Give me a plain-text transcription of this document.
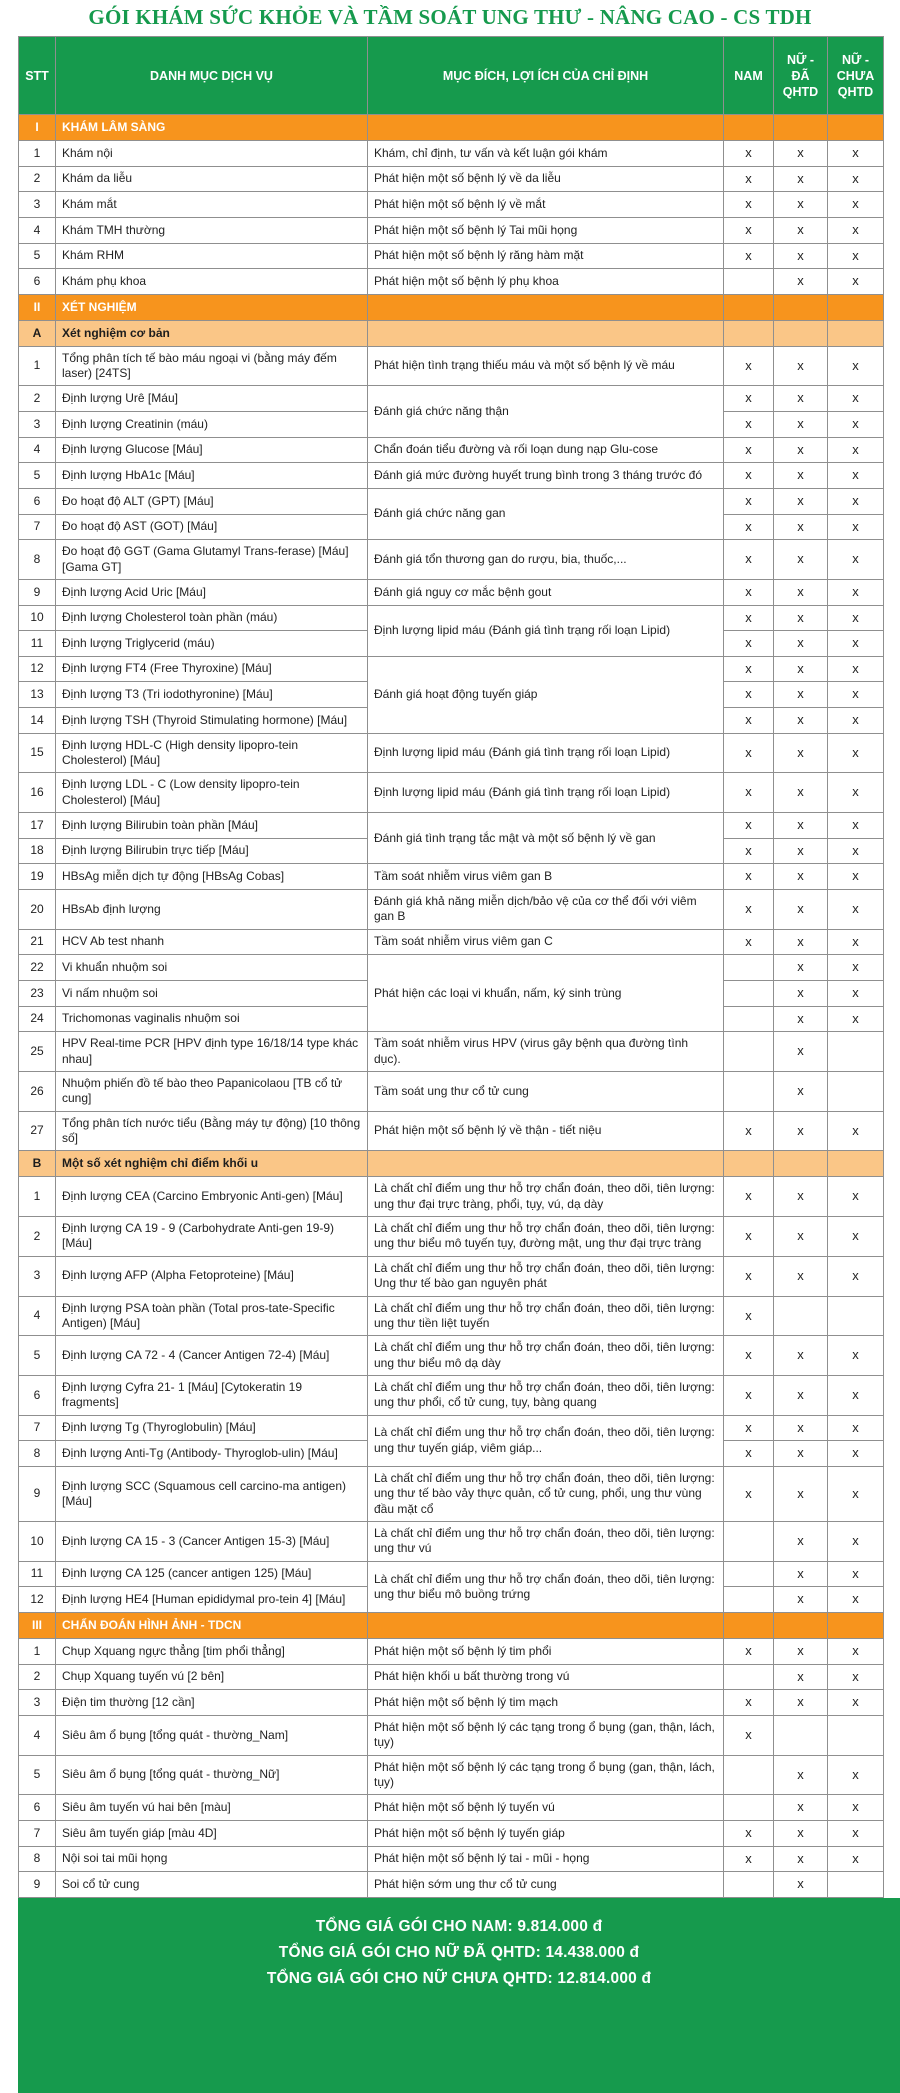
GÓI KHÁM SỨC KHỎE VÀ TẦM SOÁT UNG THƯ - NÂNG CAO - CS TDH
STT	DANH MỤC DỊCH VỤ	MỤC ĐÍCH, LỢI ÍCH CỦA CHỈ ĐỊNH	NAM	NỮ - ĐÃ QHTD	NỮ - CHƯA QHTD
I	KHÁM LÂM SÀNG				
1	Khám nội	Khám, chỉ định, tư vấn và kết luận gói khám	x	x	x
2	Khám da liễu	Phát hiện một số bệnh lý về da liễu	x	x	x
3	Khám mắt	Phát hiện một số bệnh lý về mắt	x	x	x
4	Khám TMH thường	Phát hiện một số bệnh lý Tai mũi họng	x	x	x
5	Khám RHM	Phát hiện một số bệnh lý răng hàm mặt	x	x	x
6	Khám phụ khoa	Phát hiện một số bệnh lý phụ khoa		x	x
II	XÉT NGHIỆM				
A	Xét nghiệm cơ bản				
1	Tổng phân tích tế bào máu ngoại vi (bằng máy đếm laser) [24TS]	Phát hiện tình trạng thiếu máu và một số bệnh lý về máu	x	x	x
2	Định lượng Urê [Máu]	Đánh giá chức năng thận	x	x	x
3	Định lượng Creatinin (máu)		x	x	x
4	Định lượng Glucose [Máu]	Chẩn đoán tiểu đường và rối loạn dung nạp Glu-cose	x	x	x
5	Định lượng HbA1c [Máu]	Đánh giá mức đường huyết trung bình trong 3 tháng trước đó	x	x	x
6	Đo hoạt độ ALT (GPT) [Máu]	Đánh giá chức năng gan	x	x	x
7	Đo hoạt độ AST (GOT) [Máu]		x	x	x
8	Đo hoạt độ GGT (Gama Glutamyl Trans-ferase) [Máu] [Gama GT]	Đánh giá tổn thương gan do rượu, bia, thuốc,...	x	x	x
9	Định lượng Acid Uric [Máu]	Đánh giá nguy cơ mắc bệnh gout	x	x	x
10	Định lượng Cholesterol toàn phần (máu)	Định lượng lipid máu (Đánh giá tình trạng rối loạn Lipid)	x	x	x
11	Định lượng Triglycerid (máu)		x	x	x
12	Định lượng FT4 (Free Thyroxine) [Máu]	Đánh giá hoạt động tuyến giáp	x	x	x
13	Định lượng T3 (Tri iodothyronine) [Máu]		x	x	x
14	Định lượng TSH (Thyroid Stimulating hormone) [Máu]		x	x	x
15	Định lượng HDL-C (High density lipopro-tein Cholesterol) [Máu]	Định lượng lipid máu (Đánh giá tình trạng rối loạn Lipid)	x	x	x
16	Định lượng LDL - C (Low density lipopro-tein Cholesterol) [Máu]	Định lượng lipid máu (Đánh giá tình trạng rối loạn Lipid)	x	x	x
17	Định lượng Bilirubin toàn phần [Máu]	Đánh giá tình trạng tắc mật và một số bệnh lý về gan	x	x	x
18	Định lượng Bilirubin trực tiếp [Máu]		x	x	x
19	HBsAg miễn dịch tự động [HBsAg Cobas]	Tầm soát nhiễm virus viêm gan B	x	x	x
20	HBsAb định lượng	Đánh giá khả năng miễn dịch/bảo vệ của cơ thể đối với viêm gan B	x	x	x
21	HCV Ab test nhanh	Tầm soát nhiễm virus viêm gan C	x	x	x
22	Vi khuẩn nhuộm soi	Phát hiện các loại vi khuẩn, nấm, ký sinh trùng		x	x
23	Vi nấm nhuộm soi			x	x
24	Trichomonas vaginalis nhuộm soi			x	x
25	HPV Real-time PCR [HPV định type 16/18/14 type khác nhau]	Tầm soát nhiễm virus HPV (virus gây bệnh qua đường tình dục).		x	
26	Nhuộm phiến đồ tế bào theo Papanicolaou [TB cổ tử cung]	Tầm soát ung thư cổ tử cung		x	
27	Tổng phân tích nước tiểu (Bằng máy tự động) [10 thông số]	Phát hiện một số bệnh lý về thận - tiết niệu	x	x	x
B	Một số xét nghiệm chỉ điểm khối u				
1	Định lượng CEA (Carcino Embryonic Anti-gen) [Máu]	Là chất chỉ điểm ung thư hỗ trợ chẩn đoán, theo dõi, tiên lượng: ung thư đại trực tràng, phổi, tụy, vú, dạ dày	x	x	x
2	Định lượng CA 19 - 9 (Carbohydrate Anti-gen 19-9) [Máu]	Là chất chỉ điểm ung thư hỗ trợ chẩn đoán, theo dõi, tiên lượng: ung thư biểu mô tuyến tụy, đường mật, ung thư đại trực tràng	x	x	x
3	Định lượng AFP (Alpha Fetoproteine) [Máu]	Là chất chỉ điểm ung thư hỗ trợ chẩn đoán, theo dõi, tiên lượng: Ung thư tế bào gan nguyên phát	x	x	x
4	Định lượng PSA toàn phần (Total pros-tate-Specific Antigen) [Máu]	Là chất chỉ điểm ung thư hỗ trợ chẩn đoán, theo dõi, tiên lượng: ung thư tiền liệt tuyến	x		
5	Định lượng CA 72 - 4 (Cancer Antigen 72-4) [Máu]	Là chất chỉ điểm ung thư hỗ trợ chẩn đoán, theo dõi, tiên lượng: ung thư biểu mô dạ dày	x	x	x
6	Định lượng Cyfra 21- 1 [Máu] [Cytokeratin 19 fragments]	Là chất chỉ điểm ung thư hỗ trợ chẩn đoán, theo dõi, tiên lượng: ung thư phổi, cổ tử cung, tụy, bàng quang	x	x	x
7	Định lượng Tg (Thyroglobulin) [Máu]	Là chất chỉ điểm ung thư hỗ trợ chẩn đoán, theo dõi, tiên lượng: ung thư tuyến giáp, viêm giáp...	x	x	x
8	Định lượng Anti-Tg (Antibody- Thyroglob-ulin) [Máu]		x	x	x
9	Định lượng SCC (Squamous cell carcino-ma antigen) [Máu]	Là chất chỉ điểm ung thư hỗ trợ chẩn đoán, theo dõi, tiên lượng: ung thư tế bào vảy thực quản, cổ tử cung, phổi, ung thư vùng đầu mặt cổ	x	x	x
10	Định lượng CA 15 - 3 (Cancer Antigen 15-3) [Máu]	Là chất chỉ điểm ung thư hỗ trợ chẩn đoán, theo dõi, tiên lượng: ung thư vú		x	x
11	Định lượng CA 125 (cancer antigen 125) [Máu]	Là chất chỉ điểm ung thư hỗ trợ chẩn đoán, theo dõi, tiên lượng: ung thư biểu mô buồng trứng		x	x
12	Định lượng HE4 [Human epididymal pro-tein 4] [Máu]			x	x
III	CHẨN ĐOÁN HÌNH ẢNH - TDCN				
1	Chụp Xquang ngực thẳng [tim phổi thẳng]	Phát hiện một số bệnh lý tim phổi	x	x	x
2	Chụp Xquang tuyến vú [2 bên]	Phát hiện khối u bất thường trong vú		x	x
3	Điện tim thường [12 cần]	Phát hiện một số bệnh lý tim mạch	x	x	x
4	Siêu âm ổ bụng [tổng quát - thường_Nam]	Phát hiện một số bệnh lý các tạng trong ổ bụng (gan, thận, lách, tụy)	x		
5	Siêu âm ổ bụng [tổng quát - thường_Nữ]	Phát hiện một số bệnh lý các tạng trong ổ bụng (gan, thận, lách, tụy)		x	x
6	Siêu âm tuyến vú hai bên [màu]	Phát hiện một số bệnh lý tuyến vú		x	x
7	Siêu âm tuyến giáp [màu 4D]	Phát hiện một số bệnh lý tuyến giáp	x	x	x
8	Nội soi tai mũi họng	Phát hiện một số bệnh lý tai - mũi - họng	x	x	x
9	Soi cổ tử cung	Phát hiện sớm ung thư cổ tử cung		x	
TỔNG GIÁ GÓI CHO NAM: 9.814.000 đ
TỔNG GIÁ GÓI CHO NỮ ĐÃ QHTD: 14.438.000 đ
TỔNG GIÁ GÓI CHO NỮ CHƯA QHTD: 12.814.000 đ
